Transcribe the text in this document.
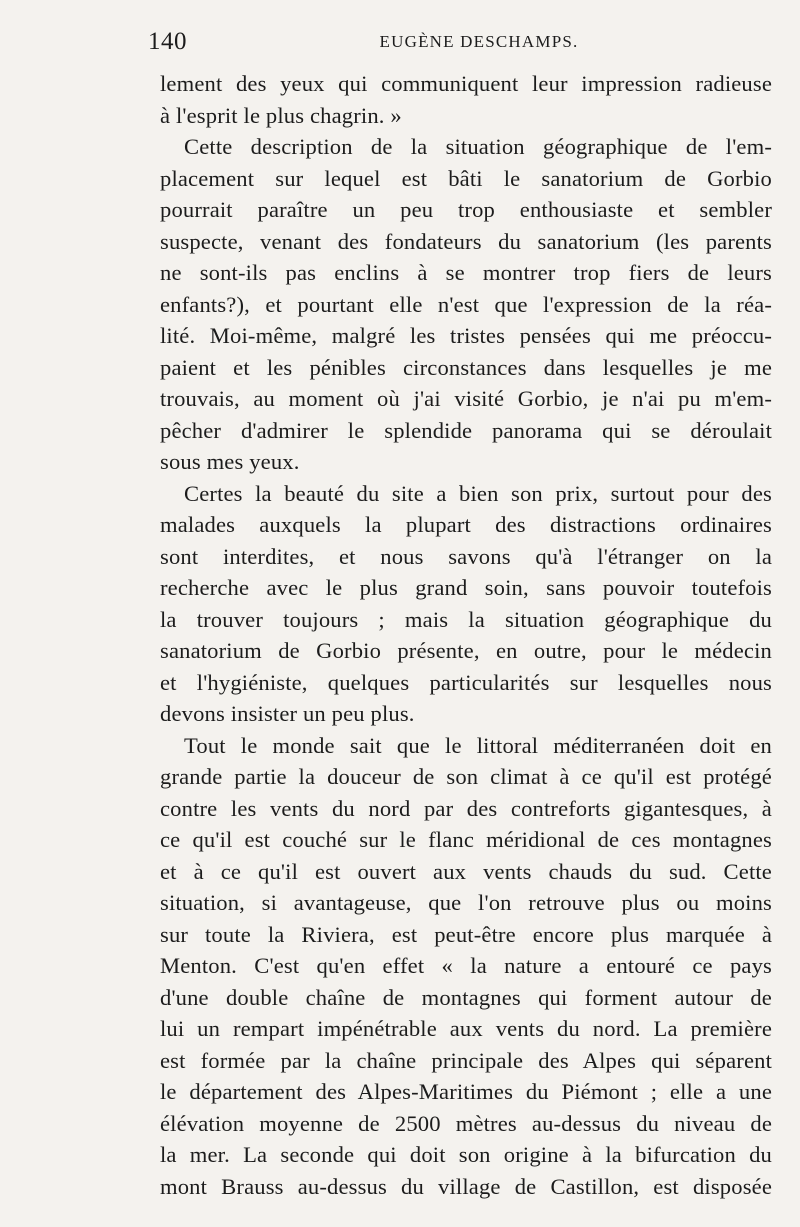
140	EUGÈNE DESCHAMPS.
lement des yeux qui communiquent leur impression radieuse
à l'esprit le plus chagrin. »
Cette description de la situation géographique de l'em-
placement sur lequel est bâti le sanatorium de Gorbio
pourrait paraître un peu trop enthousiaste et sembler
suspecte, venant des fondateurs du sanatorium (les parents
ne sont-ils pas enclins à se montrer trop fiers de leurs
enfants?), et pourtant elle n'est que l'expression de la réa-
lité. Moi-même, malgré les tristes pensées qui me préoccu-
paient et les pénibles circonstances dans lesquelles je me
trouvais, au moment où j'ai visité Gorbio, je n'ai pu m'em-
pêcher d'admirer le splendide panorama qui se déroulait
sous mes yeux.
Certes la beauté du site a bien son prix, surtout pour des
malades auxquels la plupart des distractions ordinaires
sont interdites, et nous savons qu'à l'étranger on la
recherche avec le plus grand soin, sans pouvoir toutefois
la trouver toujours ; mais la situation géographique du
sanatorium de Gorbio présente, en outre, pour le médecin
et l'hygiéniste, quelques particularités sur lesquelles nous
devons insister un peu plus.
Tout le monde sait que le littoral méditerranéen doit en
grande partie la douceur de son climat à ce qu'il est protégé
contre les vents du nord par des contreforts gigantesques, à
ce qu'il est couché sur le flanc méridional de ces montagnes
et à ce qu'il est ouvert aux vents chauds du sud. Cette
situation, si avantageuse, que l'on retrouve plus ou moins
sur toute la Riviera, est peut-être encore plus marquée à
Menton. C'est qu'en effet « la nature a entouré ce pays
d'une double chaîne de montagnes qui forment autour de
lui un rempart impénétrable aux vents du nord. La première
est formée par la chaîne principale des Alpes qui séparent
le département des Alpes-Maritimes du Piémont ; elle a une
élévation moyenne de 2500 mètres au-dessus du niveau de
la mer. La seconde qui doit son origine à la bifurcation du
mont Brauss au-dessus du village de Castillon, est disposée
